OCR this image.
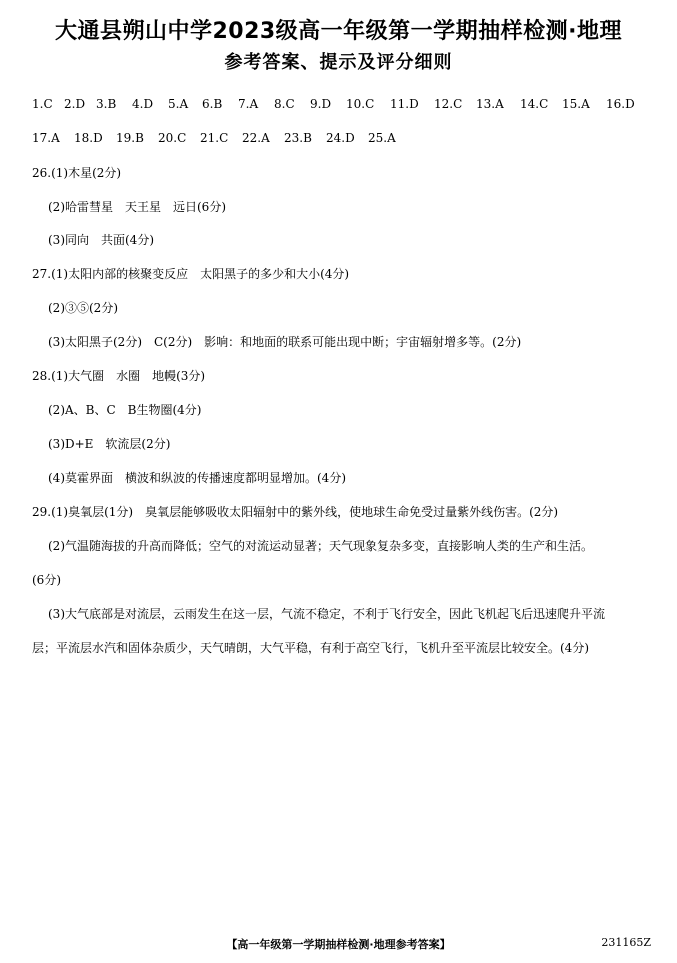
大通县朔山中学2023级高一年级第一学期抽样检测·地理
参考答案、提示及评分细则
1.C 2.D 3.B 4.D 5.A 6.B 7.A 8.C 9.D 10.C 11.D 12.C 13.A 14.C 15.A 16.D
17.A 18.D 19.B 20.C 21.C 22.A 23.B 24.D 25.A
26.(1)木星(2分)
(2)哈雷彗星　天王星　远日(6分)
(3)同向　共面(4分)
27.(1)太阳内部的核聚变反应　太阳黑子的多少和大小(4分)
(2)③⑤(2分)
(3)太阳黑子(2分)　C(2分)　影响：和地面的联系可能出现中断；宇宙辐射增多等。(2分)
28.(1)大气圈　水圈　地幔(3分)
(2)A、B、C　B生物圈(4分)
(3)D+E　软流层(2分)
(4)莫霍界面　横波和纵波的传播速度都明显增加。(4分)
29.(1)臭氧层(1分)　臭氧层能够吸收太阳辐射中的紫外线，使地球生命免受过量紫外线伤害。(2分)
(2)气温随海拔的升高而降低；空气的对流运动显著；天气现象复杂多变，直接影响人类的生产和生活。
(6分)
(3)大气底部是对流层，云雨发生在这一层，气流不稳定，不利于飞行安全，因此飞机起飞后迅速爬升平流
层；平流层水汽和固体杂质少，天气晴朗，大气平稳，有利于高空飞行，飞机升至平流层比较安全。(4分)
【高一年级第一学期抽样检测·地理参考答案】	231165Z
